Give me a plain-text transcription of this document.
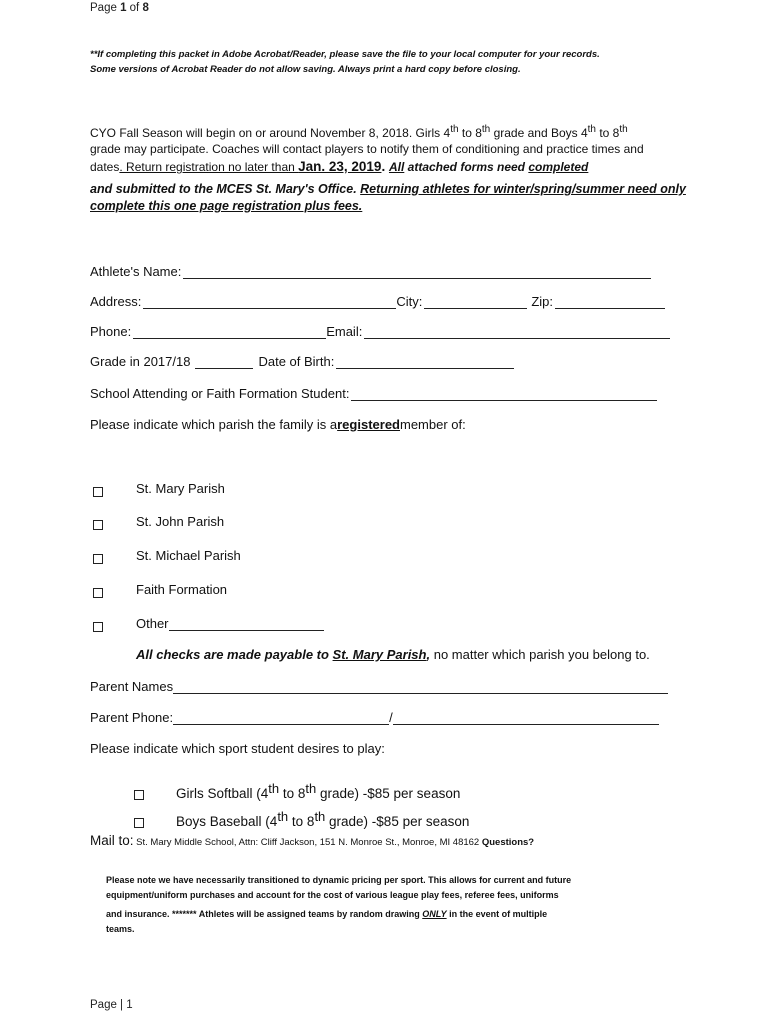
Page 1 of 8
**If completing this packet in Adobe Acrobat/Reader, please save the file to your local computer for your records.
Some versions of Acrobat Reader do not allow saving. Always print a hard copy before closing.
CYO Fall Season will begin on or around November 8, 2018. Girls 4th to 8th grade and Boys 4th to 8th
grade may participate. Coaches will contact players to notify them of conditioning and practice times and
dates. Return registration no later than Jan. 23, 2019. All attached forms need completed
and submitted to the MCES St. Mary's Office. Returning athletes for winter/spring/summer need only
complete this one page registration plus fees.
Athlete's Name:
Address:	City:	Zip:
Phone:	Email:
Grade in 2017/18	Date of Birth:
School Attending or Faith Formation Student:
Please indicate which parish the family is a registered member of:
St. Mary Parish
St. John Parish
St. Michael Parish
Faith Formation
Other
All checks are made payable to St. Mary Parish, no matter which parish you belong to.
Parent Names
Parent Phone:	/
Please indicate which sport student desires to play:
Girls Softball (4th to 8th grade) -$85 per season
Boys Baseball (4th to 8th grade) -$85 per season
Mail to: St. Mary Middle School, Attn: Cliff Jackson, 151 N. Monroe St., Monroe, MI 48162 Questions?
Please note we have necessarily transitioned to dynamic pricing per sport. This allows for current and future
equipment/uniform purchases and account for the cost of various league play fees, referee fees, uniforms
and insurance. ******* Athletes will be assigned teams by random drawing ONLY in the event of multiple
teams.
Page | 1
